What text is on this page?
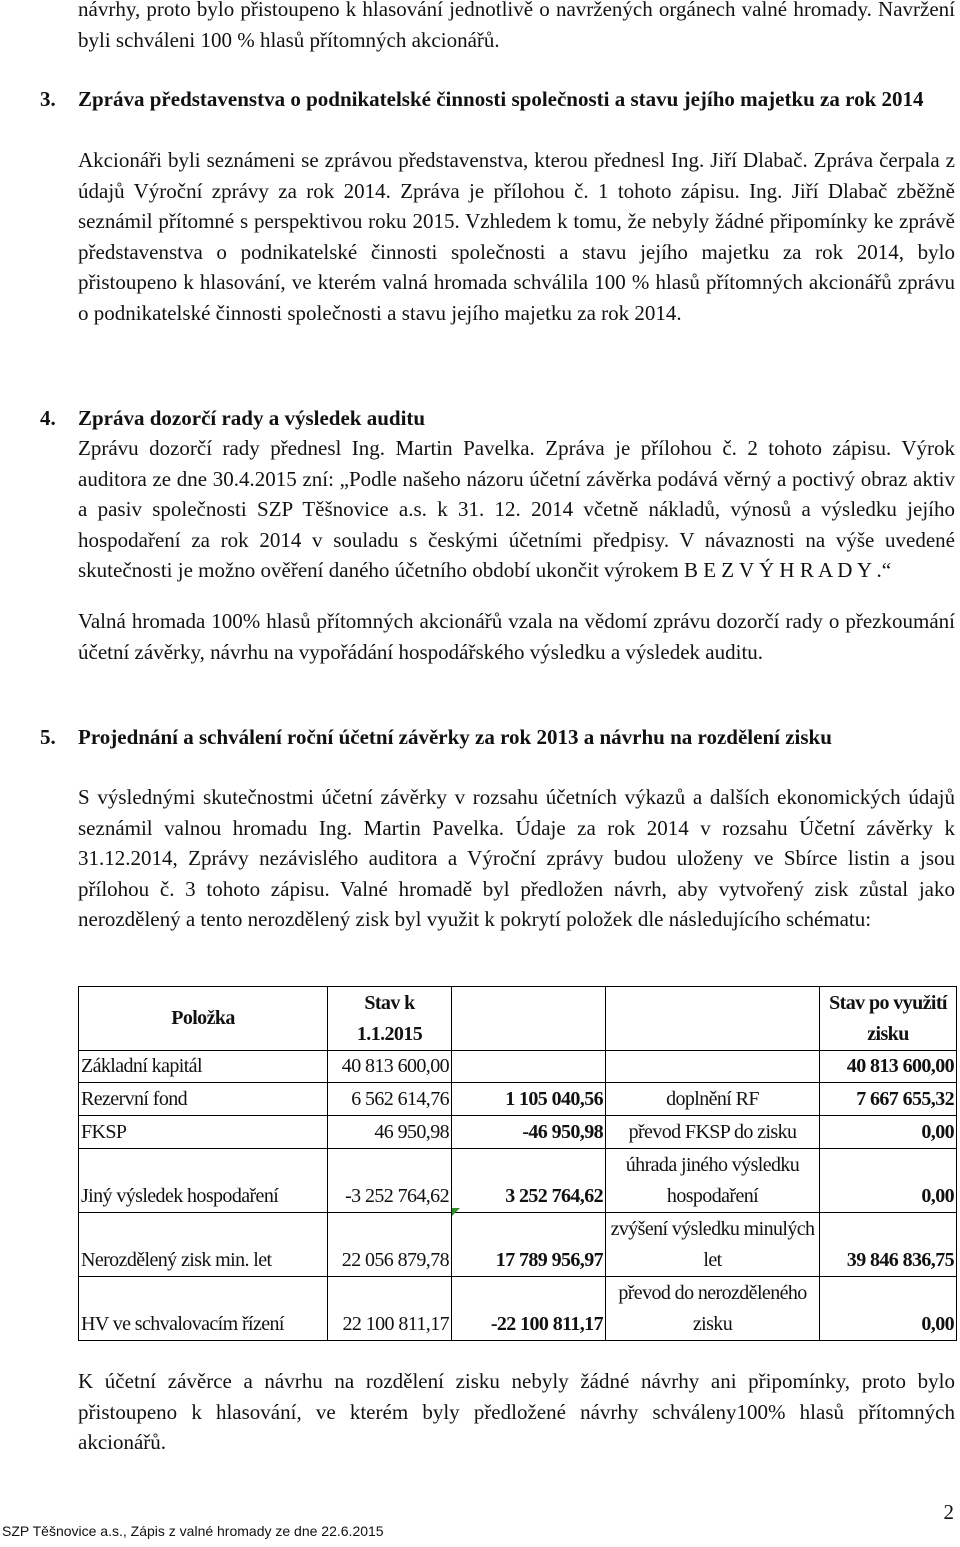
návrhy, proto bylo přistoupeno k hlasování jednotlivě o navržených orgánech valné hromady. Navržení byli schváleni 100 % hlasů přítomných akcionářů.
3. Zpráva představenstva o podnikatelské činnosti společnosti a stavu jejího majetku za rok 2014
Akcionáři byli seznámeni se zprávou představenstva, kterou přednesl Ing. Jiří Dlabač. Zpráva čerpala z údajů Výroční zprávy za rok 2014. Zpráva je přílohou č. 1 tohoto zápisu. Ing. Jiří Dlabač zběžně seznámil přítomné s perspektivou roku 2015. Vzhledem k tomu, že nebyly žádné připomínky ke zprávě představenstva o podnikatelské činnosti společnosti a stavu jejího majetku za rok 2014, bylo přistoupeno k hlasování, ve kterém valná hromada schválila 100 % hlasů přítomných akcionářů zprávu o podnikatelské činnosti společnosti a stavu jejího majetku za rok 2014.
4. Zpráva dozorčí rady a výsledek auditu
Zprávu dozorčí rady přednesl Ing. Martin Pavelka. Zpráva je přílohou č. 2 tohoto zápisu. Výrok auditora ze dne 30.4.2015 zní: „Podle našeho názoru účetní závěrka podává věrný a poctivý obraz aktiv a pasiv společnosti SZP Těšnovice a.s. k 31. 12. 2014 včetně nákladů, výnosů a výsledku jejího hospodaření za rok 2014 v souladu s českými účetními předpisy. V návaznosti na výše uvedené skutečnosti je možno ověření daného účetního období ukončit výrokem B E Z V Ý H R A D Y .“
Valná hromada 100% hlasů přítomných akcionářů vzala na vědomí zprávu dozorčí rady o přezkoumání účetní závěrky, návrhu na vypořádání hospodářského výsledku a výsledek auditu.
5. Projednání a schválení roční účetní závěrky za rok 2013 a návrhu na rozdělení zisku
S výslednými skutečnostmi účetní závěrky v rozsahu účetních výkazů a dalších ekonomických údajů seznámil valnou hromadu Ing. Martin Pavelka. Údaje za rok 2014 v rozsahu Účetní závěrky k 31.12.2014, Zprávy nezávislého auditora a Výroční zprávy budou uloženy ve Sbírce listin a jsou přílohou č. 3 tohoto zápisu. Valné hromadě byl předložen návrh, aby vytvořený zisk zůstal jako nerozdělený a tento nerozdělený zisk byl využit k pokrytí položek dle následujícího schématu:
Položka	Stav k 1.1.2015			Stav po využití zisku
Základní kapitál	40 813 600,00			40 813 600,00
Rezervní fond	6 562 614,76	1 105 040,56	doplnění RF	7 667 655,32
FKSP	46 950,98	-46 950,98	převod FKSP do zisku	0,00
Jiný výsledek hospodaření	-3 252 764,62	3 252 764,62	úhrada jiného výsledku hospodaření	0,00
Nerozdělený zisk min. let	22 056 879,78	17 789 956,97	zvýšení výsledku minulých let	39 846 836,75
HV ve schvalovacím řízení	22 100 811,17	-22 100 811,17	převod do nerozděleného zisku	0,00
K účetní závěrce a návrhu na rozdělení zisku nebyly žádné návrhy ani připomínky, proto bylo přistoupeno k hlasování, ve kterém byly předložené návrhy schváleny100% hlasů přítomných akcionářů.
2
SZP Těšnovice a.s., Zápis z valné hromady ze dne 22.6.2015
